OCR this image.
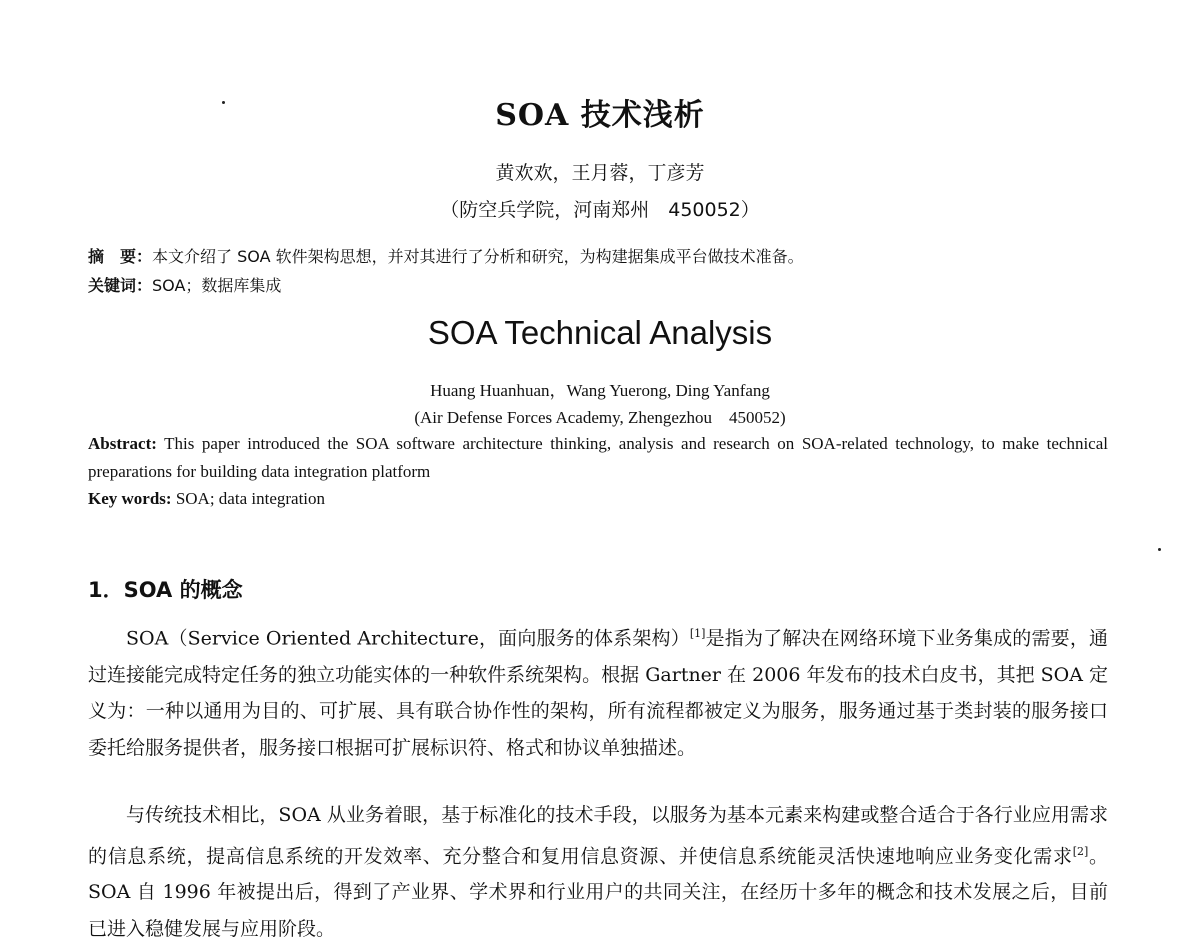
SOA 技术浅析
黄欢欢，王月蓉，丁彦芳
（防空兵学院，河南郑州　450052）
摘　要：本文介绍了 SOA 软件架构思想，并对其进行了分析和研究，为构建据集成平台做技术准备。
关键词：SOA；数据库集成
SOA Technical Analysis
Huang Huanhuan，Wang Yuerong, Ding Yanfang
(Air Defense Forces Academy, Zhengezhou　450052)
Abstract: This paper introduced the SOA software architecture thinking, analysis and research on SOA-related technology, to make technical preparations for building data integration platform
Key words: SOA; data integration
1．SOA 的概念

SOA（Service Oriented Architecture，面向服务的体系架构）[1]是指为了解决在网络环境下业务集成的需要，通过连接能完成特定任务的独立功能实体的一种软件系统架构。根据 Gartner 在 2006 年发布的技术白皮书，其把 SOA 定义为：一种以通用为目的、可扩展、具有联合协作性的架构，所有流程都被定义为服务，服务通过基于类封装的服务接口委托给服务提供者，服务接口根据可扩展标识符、格式和协议单独描述。

与传统技术相比，SOA 从业务着眼，基于标准化的技术手段，以服务为基本元素来构建或整合适合于各行业应用需求的信息系统，提高信息系统的开发效率、充分整合和复用信息资源、并使信息系统能灵活快速地响应业务变化需求[2]。SOA 自 1996 年被提出后，得到了产业界、学术界和行业用户的共同关注，在经历十多年的概念和技术发展之后，目前已进入稳健发展与应用阶段。
